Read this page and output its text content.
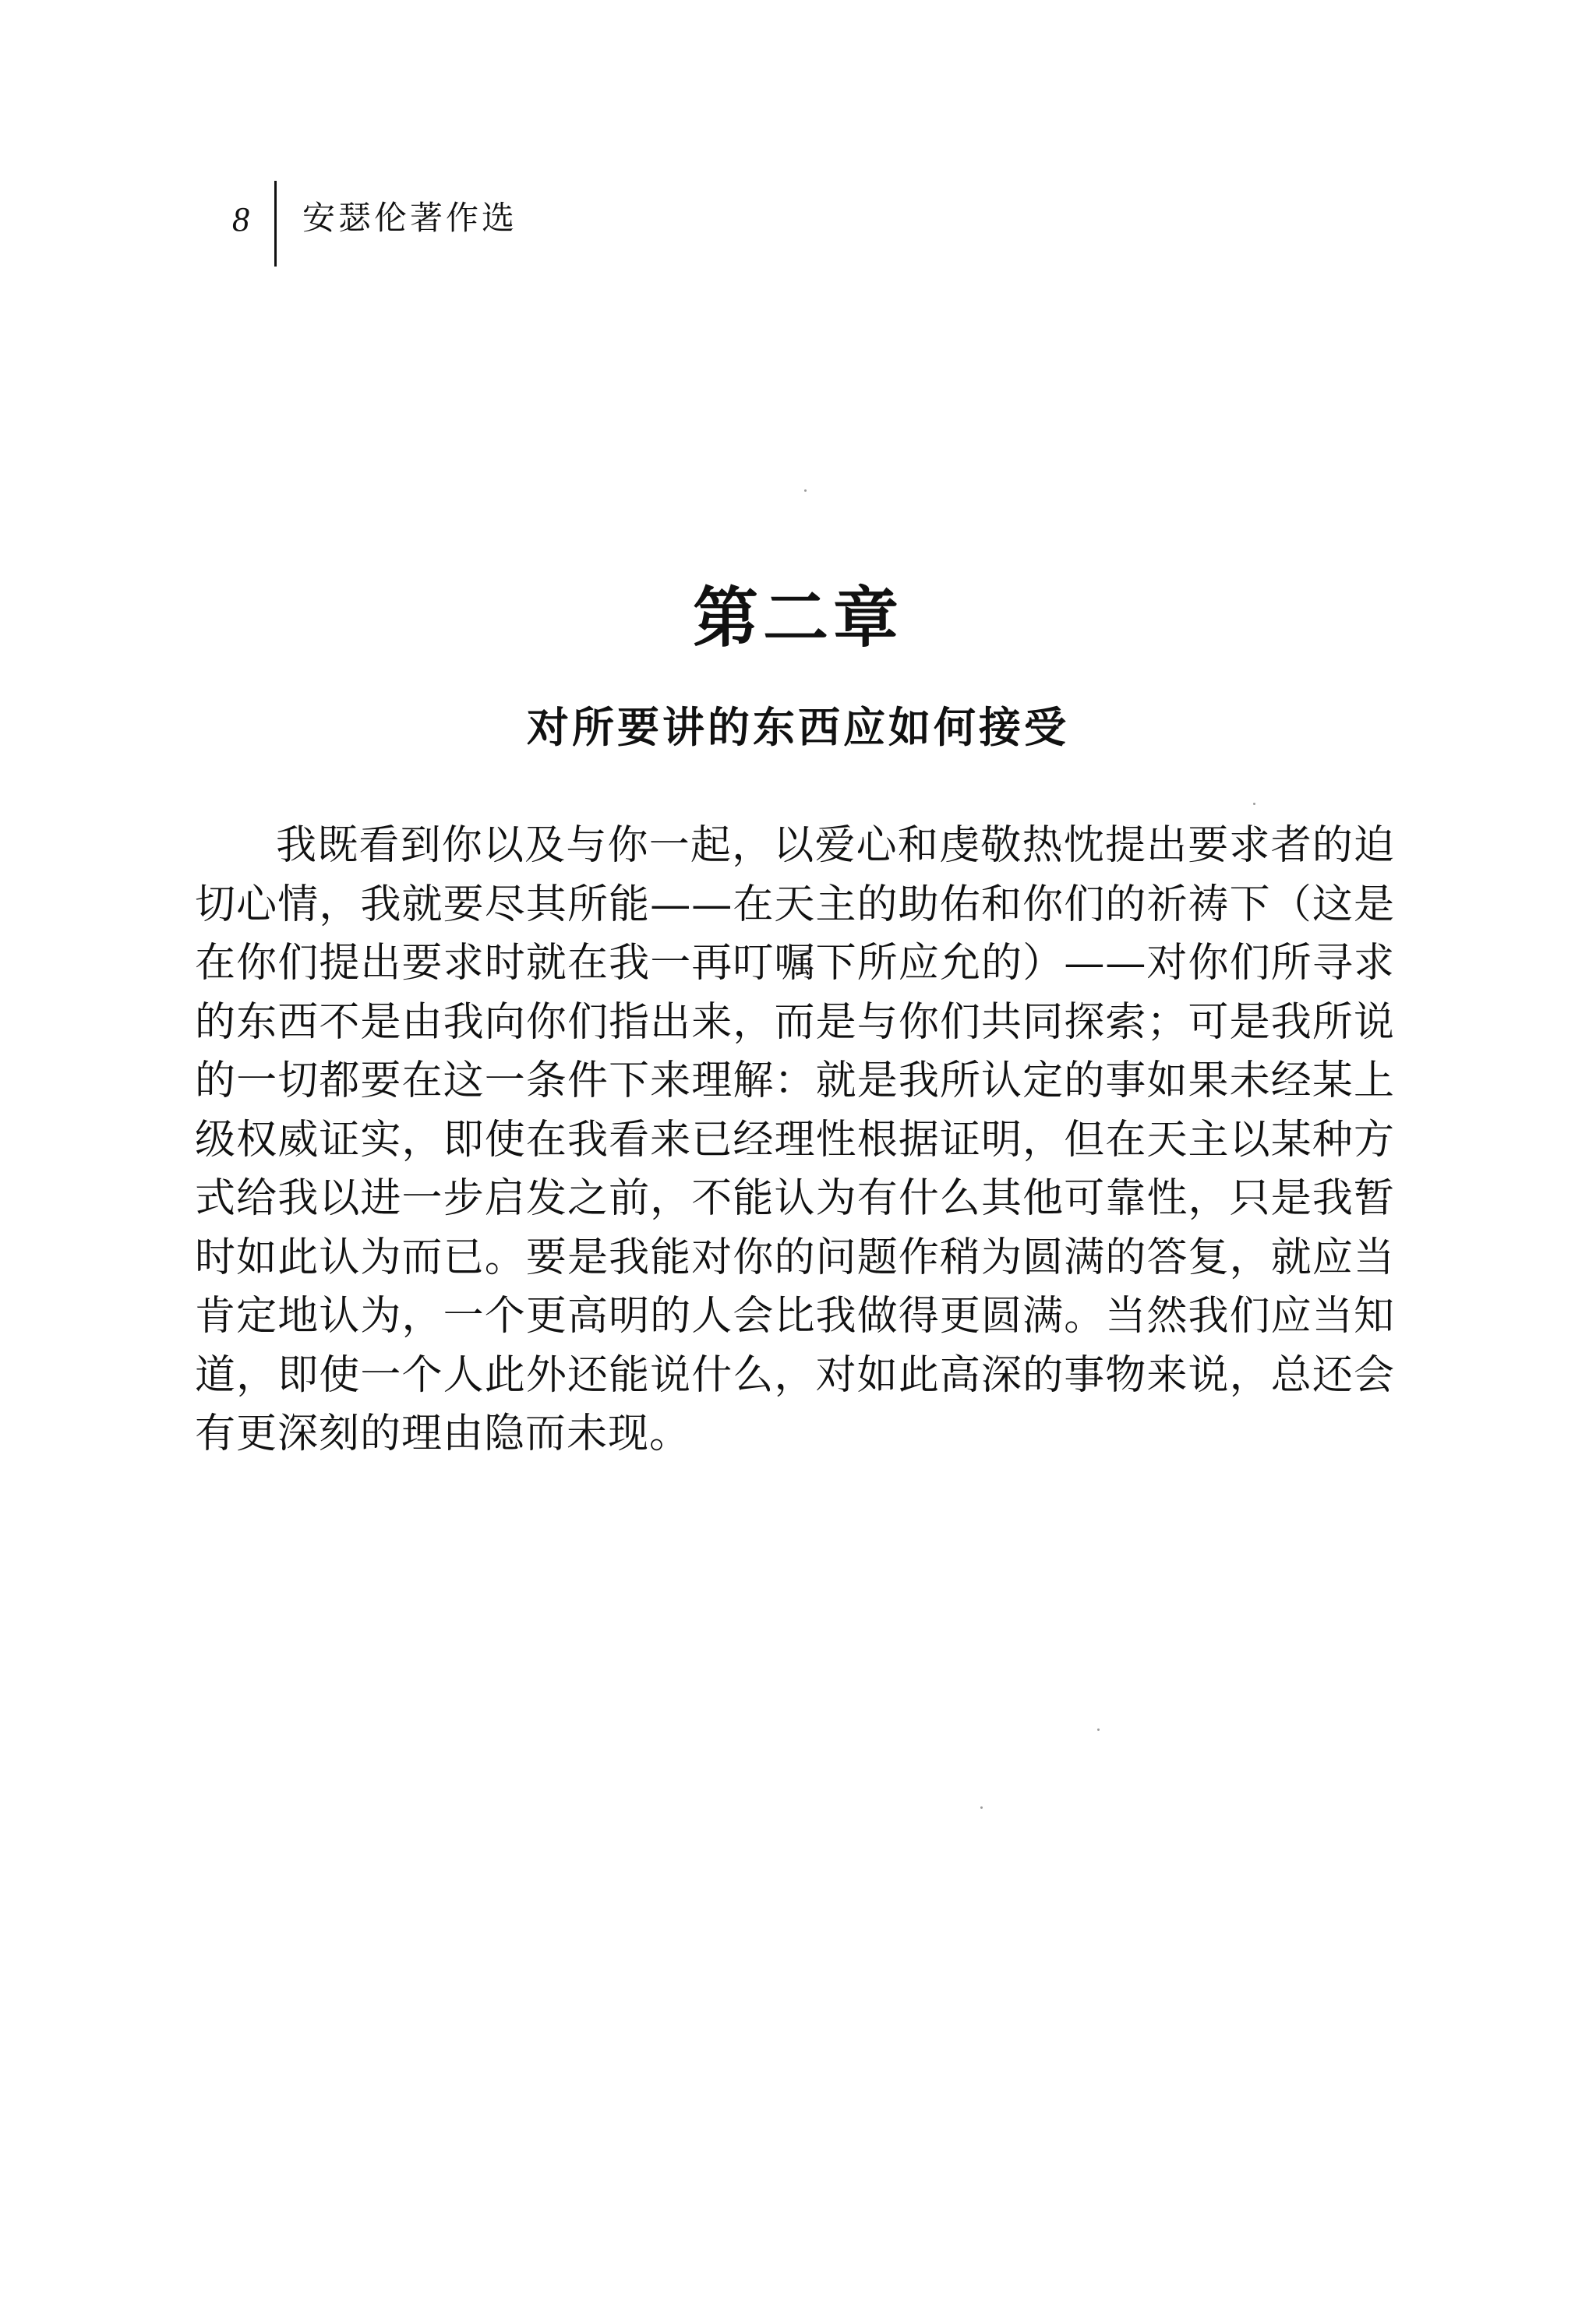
8 安瑟伦著作选
第二章
对所要讲的东西应如何接受

我既看到你以及与你一起，以爱心和虔敬热忱提出要求者的迫切心情，我就要尽其所能——在天主的助佑和你们的祈祷下（这是在你们提出要求时就在我一再叮嘱下所应允的）——对你们所寻求的东西不是由我向你们指出来，而是与你们共同探索；可是我所说的一切都要在这一条件下来理解：就是我所认定的事如果未经某上级权威证实，即使在我看来已经理性根据证明，但在天主以某种方式给我以进一步启发之前，不能认为有什么其他可靠性，只是我暂时如此认为而已。要是我能对你的问题作稍为圆满的答复，就应当肯定地认为，一个更高明的人会比我做得更圆满。当然我们应当知道，即使一个人此外还能说什么，对如此高深的事物来说，总还会有更深刻的理由隐而未现。
